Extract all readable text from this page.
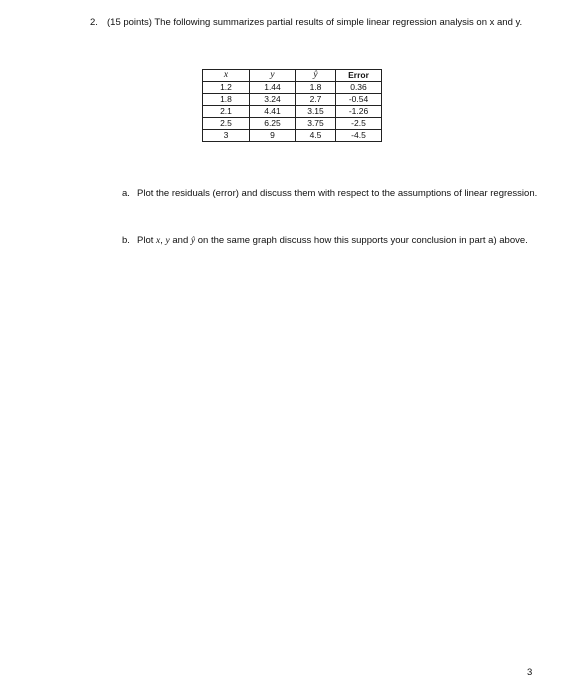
2. (15 points) The following summarizes partial results of simple linear regression analysis on x and y.
x	y	ŷ	Error
1.2	1.44	1.8	0.36
1.8	3.24	2.7	-0.54
2.1	4.41	3.15	-1.26
2.5	6.25	3.75	-2.5
3	9	4.5	-4.5
a. Plot the residuals (error) and discuss them with respect to the assumptions of linear regression.
b. Plot x, y and ŷ on the same graph discuss how this supports your conclusion in part a) above.
3
